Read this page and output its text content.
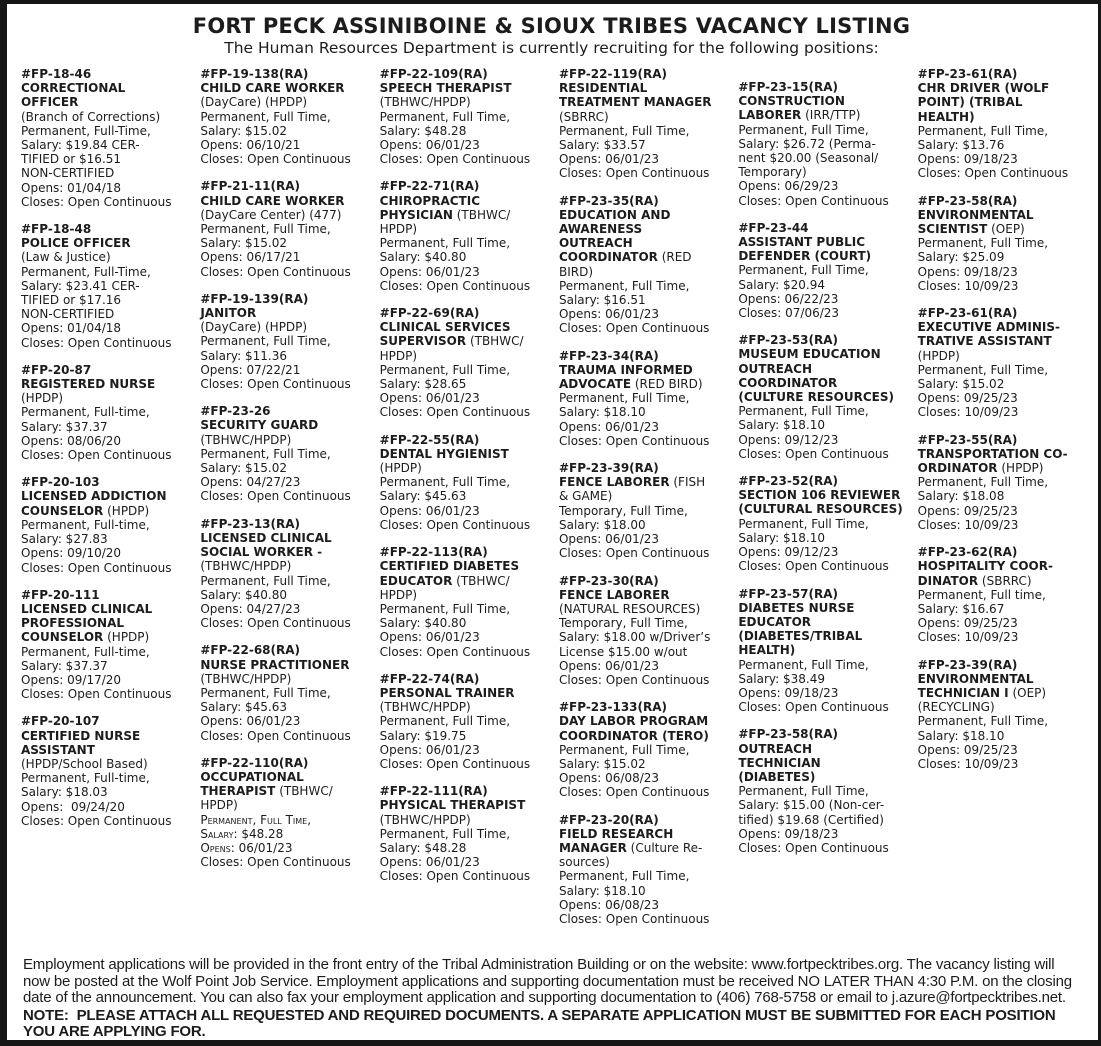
FORT PECK ASSINIBOINE & SIOUX TRIBES VACANCY LISTING
The Human Resources Department is currently recruiting for the following positions:
#FP-18-46
CORRECTIONAL
OFFICER
(Branch of Corrections)
Permanent, Full-Time,
Salary: $19.84 CER-
TIFIED or $16.51
NON-CERTIFIED
Opens: 01/04/18
Closes: Open Continuous
#FP-18-48
POLICE OFFICER
(Law & Justice)
Permanent, Full-Time,
Salary: $23.41 CER-
TIFIED or $17.16
NON-CERTIFIED
Opens: 01/04/18
Closes: Open Continuous
#FP-20-87
REGISTERED NURSE
(HPDP)
Permanent, Full-time,
Salary: $37.37
Opens: 08/06/20
Closes: Open Continuous
#FP-20-103
LICENSED ADDICTION
COUNSELOR (HPDP)
Permanent, Full-time,
Salary: $27.83
Opens: 09/10/20
Closes: Open Continuous
#FP-20-111
LICENSED CLINICAL
PROFESSIONAL
COUNSELOR (HPDP)
Permanent, Full-time,
Salary: $37.37
Opens: 09/17/20
Closes: Open Continuous
#FP-20-107
CERTIFIED NURSE
ASSISTANT
(HPDP/School Based)
Permanent, Full-time,
Salary: $18.03
Opens:  09/24/20
Closes: Open Continuous
#FP-19-138(RA)
CHILD CARE WORKER
(DayCare) (HPDP)
Permanent, Full Time,
Salary: $15.02
Opens: 06/10/21
Closes: Open Continuous
#FP-21-11(RA)
CHILD CARE WORKER
(DayCare Center) (477)
Permanent, Full Time,
Salary: $15.02
Opens: 06/17/21
Closes: Open Continuous
#FP-19-139(RA)
JANITOR
(DayCare) (HPDP)
Permanent, Full Time,
Salary: $11.36
Opens: 07/22/21
Closes: Open Continuous
#FP-23-26
SECURITY GUARD
(TBHWC/HPDP)
Permanent, Full Time,
Salary: $15.02
Opens: 04/27/23
Closes: Open Continuous
#FP-23-13(RA)
LICENSED CLINICAL
SOCIAL WORKER -
(TBHWC/HPDP)
Permanent, Full Time,
Salary: $40.80
Opens: 04/27/23
Closes: Open Continuous
#FP-22-68(RA)
NURSE PRACTITIONER
(TBHWC/HPDP)
Permanent, Full Time,
Salary: $45.63
Opens: 06/01/23
Closes: Open Continuous
#FP-22-110(RA)
OCCUPATIONAL
THERAPIST (TBHWC/
HPDP)
Permanent, Full Time,
Salary: $48.28
Opens: 06/01/23
Closes: Open Continuous
#FP-22-109(RA)
SPEECH THERAPIST
(TBHWC/HPDP)
Permanent, Full Time,
Salary: $48.28
Opens: 06/01/23
Closes: Open Continuous
#FP-22-71(RA)
CHIROPRACTIC
PHYSICIAN (TBHWC/
HPDP)
Permanent, Full Time,
Salary: $40.80
Opens: 06/01/23
Closes: Open Continuous
#FP-22-69(RA)
CLINICAL SERVICES
SUPERVISOR (TBHWC/
HPDP)
Permanent, Full Time,
Salary: $28.65
Opens: 06/01/23
Closes: Open Continuous
#FP-22-55(RA)
DENTAL HYGIENIST
(HPDP)
Permanent, Full Time,
Salary: $45.63
Opens: 06/01/23
Closes: Open Continuous
#FP-22-113(RA)
CERTIFIED DIABETES
EDUCATOR (TBHWC/
HPDP)
Permanent, Full Time,
Salary: $40.80
Opens: 06/01/23
Closes: Open Continuous
#FP-22-74(RA)
PERSONAL TRAINER
(TBHWC/HPDP)
Permanent, Full Time,
Salary: $19.75
Opens: 06/01/23
Closes: Open Continuous
#FP-22-111(RA)
PHYSICAL THERAPIST
(TBHWC/HPDP)
Permanent, Full Time,
Salary: $48.28
Opens: 06/01/23
Closes: Open Continuous
#FP-22-119(RA)
RESIDENTIAL
TREATMENT MANAGER
(SBRRC)
Permanent, Full Time,
Salary: $33.57
Opens: 06/01/23
Closes: Open Continuous
#FP-23-35(RA)
EDUCATION AND
AWARENESS
OUTREACH
COORDINATOR (RED
BIRD)
Permanent, Full Time,
Salary: $16.51
Opens: 06/01/23
Closes: Open Continuous
#FP-23-34(RA)
TRAUMA INFORMED
ADVOCATE (RED BIRD)
Permanent, Full Time,
Salary: $18.10
Opens: 06/01/23
Closes: Open Continuous
#FP-23-39(RA)
FENCE LABORER (FISH
& GAME)
Temporary, Full Time,
Salary: $18.00
Opens: 06/01/23
Closes: Open Continuous
#FP-23-30(RA)
FENCE LABORER
(NATURAL RESOURCES)
Temporary, Full Time,
Salary: $18.00 w/Driver’s
License $15.00 w/out
Opens: 06/01/23
Closes: Open Continuous
#FP-23-133(RA)
DAY LABOR PROGRAM
COORDINATOR (TERO)
Permanent, Full Time,
Salary: $15.02
Opens: 06/08/23
Closes: Open Continuous
#FP-23-20(RA)
FIELD RESEARCH
MANAGER (Culture Re-
sources)
Permanent, Full Time,
Salary: $18.10
Opens: 06/08/23
Closes: Open Continuous
#FP-23-15(RA)
CONSTRUCTION
LABORER (IRR/TTP)
Permanent, Full Time,
Salary: $26.72 (Perma-
nent $20.00 (Seasonal/
Temporary)
Opens: 06/29/23
Closes: Open Continuous
#FP-23-44
ASSISTANT PUBLIC
DEFENDER (COURT)
Permanent, Full Time,
Salary: $20.94
Opens: 06/22/23
Closes: 07/06/23
#FP-23-53(RA)
MUSEUM EDUCATION
OUTREACH
COORDINATOR
(CULTURE RESOURCES)
Permanent, Full Time,
Salary: $18.10
Opens: 09/12/23
Closes: Open Continuous
#FP-23-52(RA)
SECTION 106 REVIEWER
(CULTURAL RESOURCES)
Permanent, Full Time,
Salary: $18.10
Opens: 09/12/23
Closes: Open Continuous
#FP-23-57(RA)
DIABETES NURSE
EDUCATOR
(DIABETES/TRIBAL
HEALTH)
Permanent, Full Time,
Salary: $38.49
Opens: 09/18/23
Closes: Open Continuous
#FP-23-58(RA)
OUTREACH
TECHNICIAN
(DIABETES)
Permanent, Full Time,
Salary: $15.00 (Non-cer-
tified) $19.68 (Certified)
Opens: 09/18/23
Closes: Open Continuous
#FP-23-61(RA)
CHR DRIVER (WOLF
POINT) (TRIBAL
HEALTH)
Permanent, Full Time,
Salary: $13.76
Opens: 09/18/23
Closes: Open Continuous
#FP-23-58(RA)
ENVIRONMENTAL
SCIENTIST (OEP)
Permanent, Full Time,
Salary: $25.09
Opens: 09/18/23
Closes: 10/09/23
#FP-23-61(RA)
EXECUTIVE ADMINIS-
TRATIVE ASSISTANT
(HPDP)
Permanent, Full Time,
Salary: $15.02
Opens: 09/25/23
Closes: 10/09/23
#FP-23-55(RA)
TRANSPORTATION CO-
ORDINATOR (HPDP)
Permanent, Full Time,
Salary: $18.08
Opens: 09/25/23
Closes: 10/09/23
#FP-23-62(RA)
HOSPITALITY COOR-
DINATOR (SBRRC)
Permanent, Full time,
Salary: $16.67
Opens: 09/25/23
Closes: 10/09/23
#FP-23-39(RA)
ENVIRONMENTAL
TECHNICIAN I (OEP)
(RECYCLING)
Permanent, Full Time,
Salary: $18.10
Opens: 09/25/23
Closes: 10/09/23
Employment applications will be provided in the front entry of the Tribal Administration Building or on the website: www.fortpecktribes.org. The vacancy listing will now be posted at the Wolf Point Job Service. Employment applications and supporting documentation must be received NO LATER THAN 4:30 P.M. on the closing date of the announcement. You can also fax your employment application and supporting documentation to (406) 768-5758 or email to j.azure@fortpecktribes.net.
NOTE:  PLEASE ATTACH ALL REQUESTED AND REQUIRED DOCUMENTS. A SEPARATE APPLICATION MUST BE SUBMITTED FOR EACH POSITION YOU ARE APPLYING FOR.
